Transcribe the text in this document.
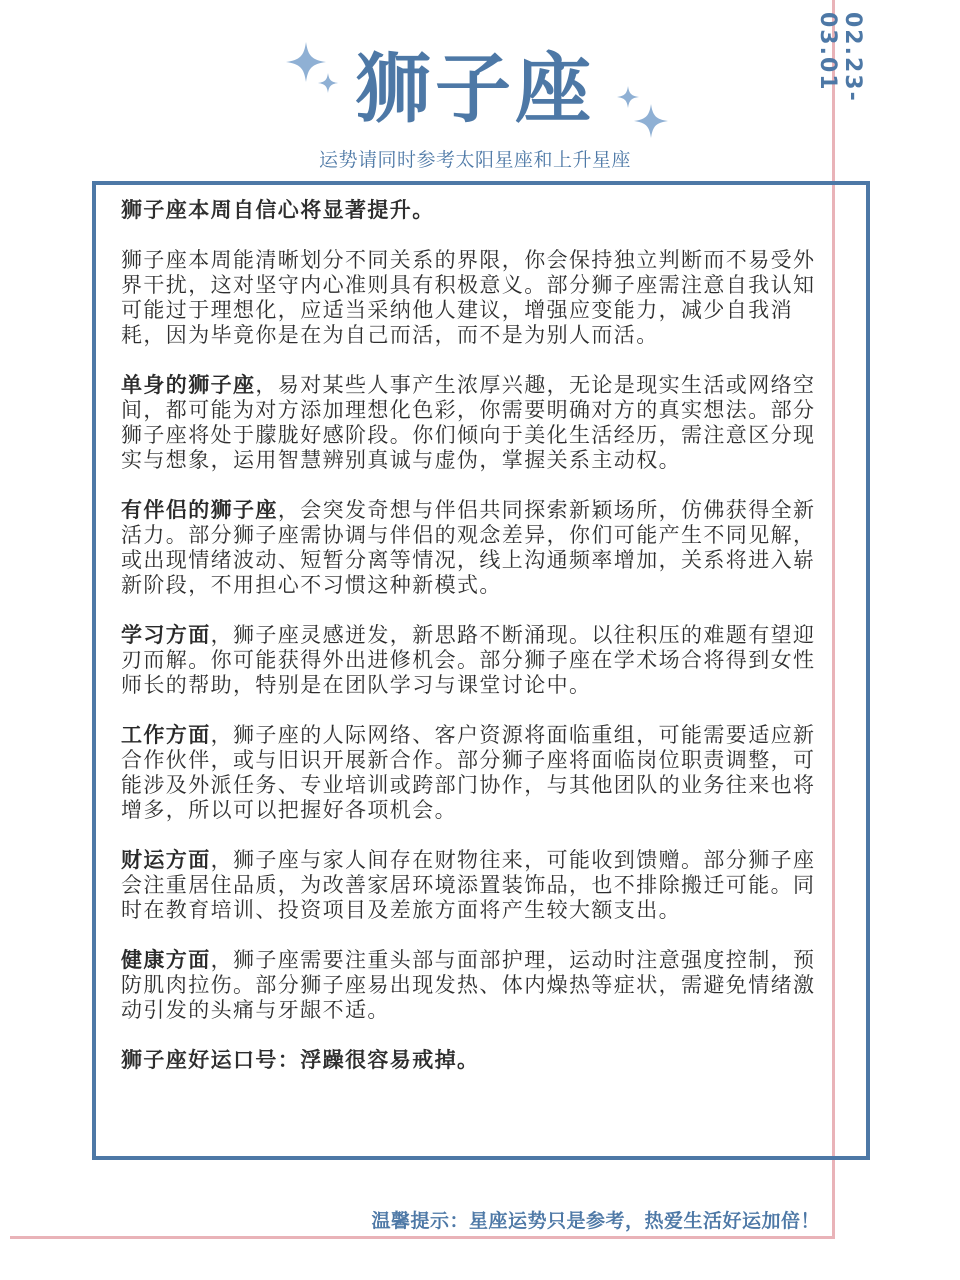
狮子座
运势请同时参考太阳星座和上升星座
02.23-03.01

狮子座本周自信心将显著提升。

狮子座本周能清晰划分不同关系的界限，你会保持独立判断而不易受外界干扰，这对坚守内心准则具有积极意义。部分狮子座需注意自我认知可能过于理想化，应适当采纳他人建议，增强应变能力，减少自我消耗，因为毕竟你是在为自己而活，而不是为别人而活。

单身的狮子座，易对某些人事产生浓厚兴趣，无论是现实生活或网络空间，都可能为对方添加理想化色彩，你需要明确对方的真实想法。部分狮子座将处于朦胧好感阶段。你们倾向于美化生活经历，需注意区分现实与想象，运用智慧辨别真诚与虚伪，掌握关系主动权。

有伴侣的狮子座，会突发奇想与伴侣共同探索新颖场所，仿佛获得全新活力。部分狮子座需协调与伴侣的观念差异，你们可能产生不同见解，或出现情绪波动、短暂分离等情况，线上沟通频率增加，关系将进入崭新阶段，不用担心不习惯这种新模式。

学习方面，狮子座灵感迸发，新思路不断涌现。以往积压的难题有望迎刃而解。你可能获得外出进修机会。部分狮子座在学术场合将得到女性师长的帮助，特别是在团队学习与课堂讨论中。

工作方面，狮子座的人际网络、客户资源将面临重组，可能需要适应新合作伙伴，或与旧识开展新合作。部分狮子座将面临岗位职责调整，可能涉及外派任务、专业培训或跨部门协作，与其他团队的业务往来也将增多，所以可以把握好各项机会。

财运方面，狮子座与家人间存在财物往来，可能收到馈赠。部分狮子座会注重居住品质，为改善家居环境添置装饰品，也不排除搬迁可能。同时在教育培训、投资项目及差旅方面将产生较大额支出。

健康方面，狮子座需要注重头部与面部护理，运动时注意强度控制，预防肌肉拉伤。部分狮子座易出现发热、体内燥热等症状，需避免情绪激动引发的头痛与牙龈不适。

狮子座好运口号：浮躁很容易戒掉。

温馨提示：星座运势只是参考，热爱生活好运加倍！
